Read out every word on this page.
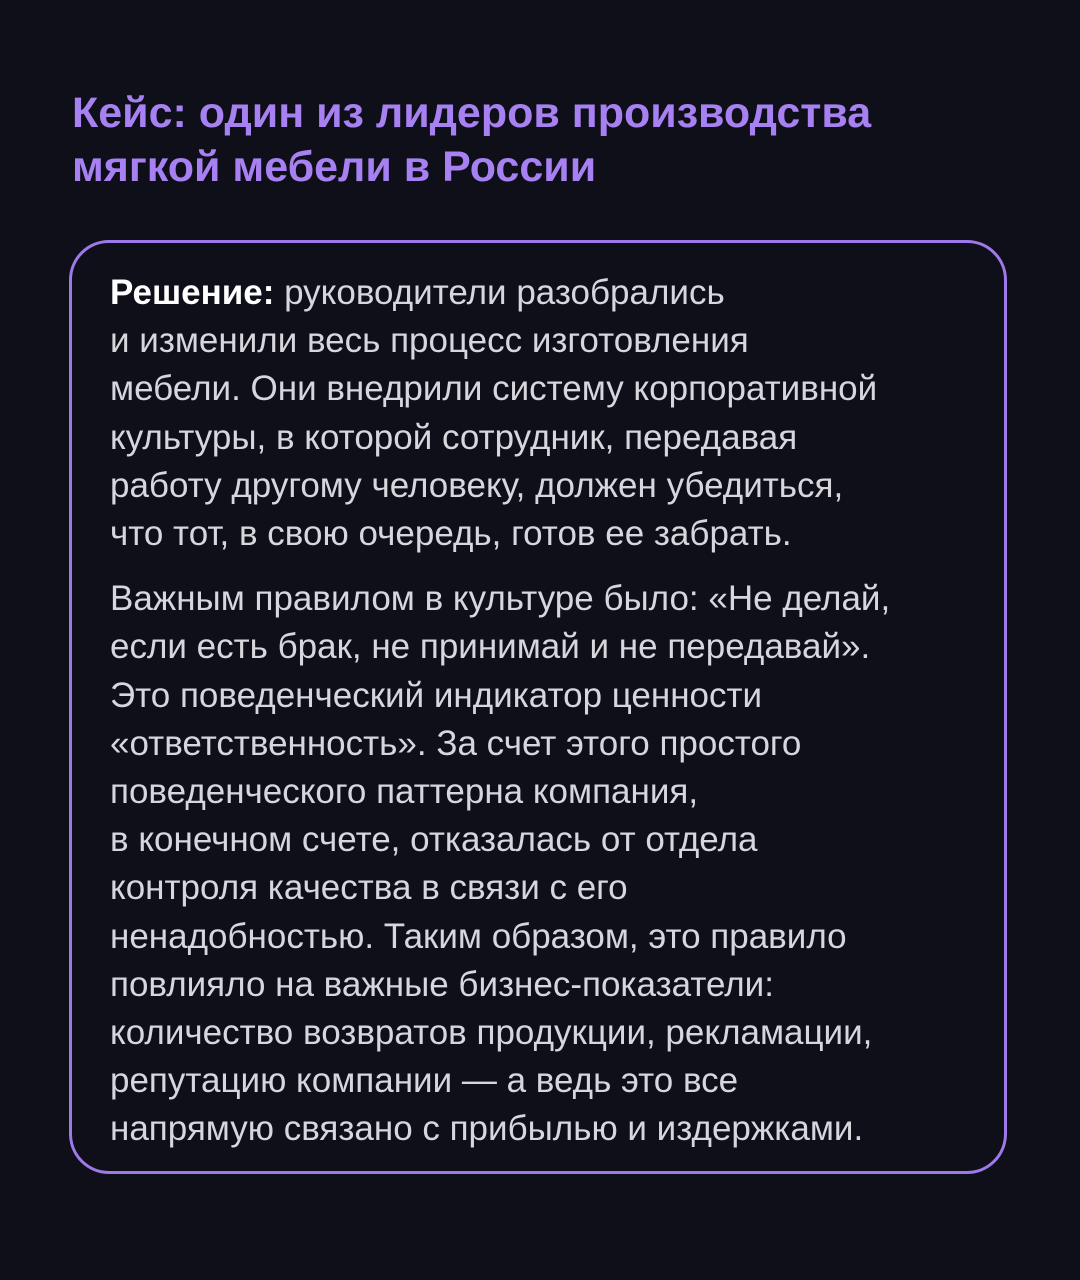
Кейс: один из лидеров производства
мягкой мебели в России

Решение: руководители разобрались
и изменили весь процесс изготовления
мебели. Они внедрили систему корпоративной
культуры, в которой сотрудник, передавая
работу другому человеку, должен убедиться,
что тот, в свою очередь, готов ее забрать.

Важным правилом в культуре было: «Не делай,
если есть брак, не принимай и не передавай».
Это поведенческий индикатор ценности
«ответственность». За счет этого простого
поведенческого паттерна компания,
в конечном счете, отказалась от отдела
контроля качества в связи с его
ненадобностью. Таким образом, это правило
повлияло на важные бизнес-показатели:
количество возвратов продукции, рекламации,
репутацию компании — а ведь это все
напрямую связано с прибылью и издержками.
